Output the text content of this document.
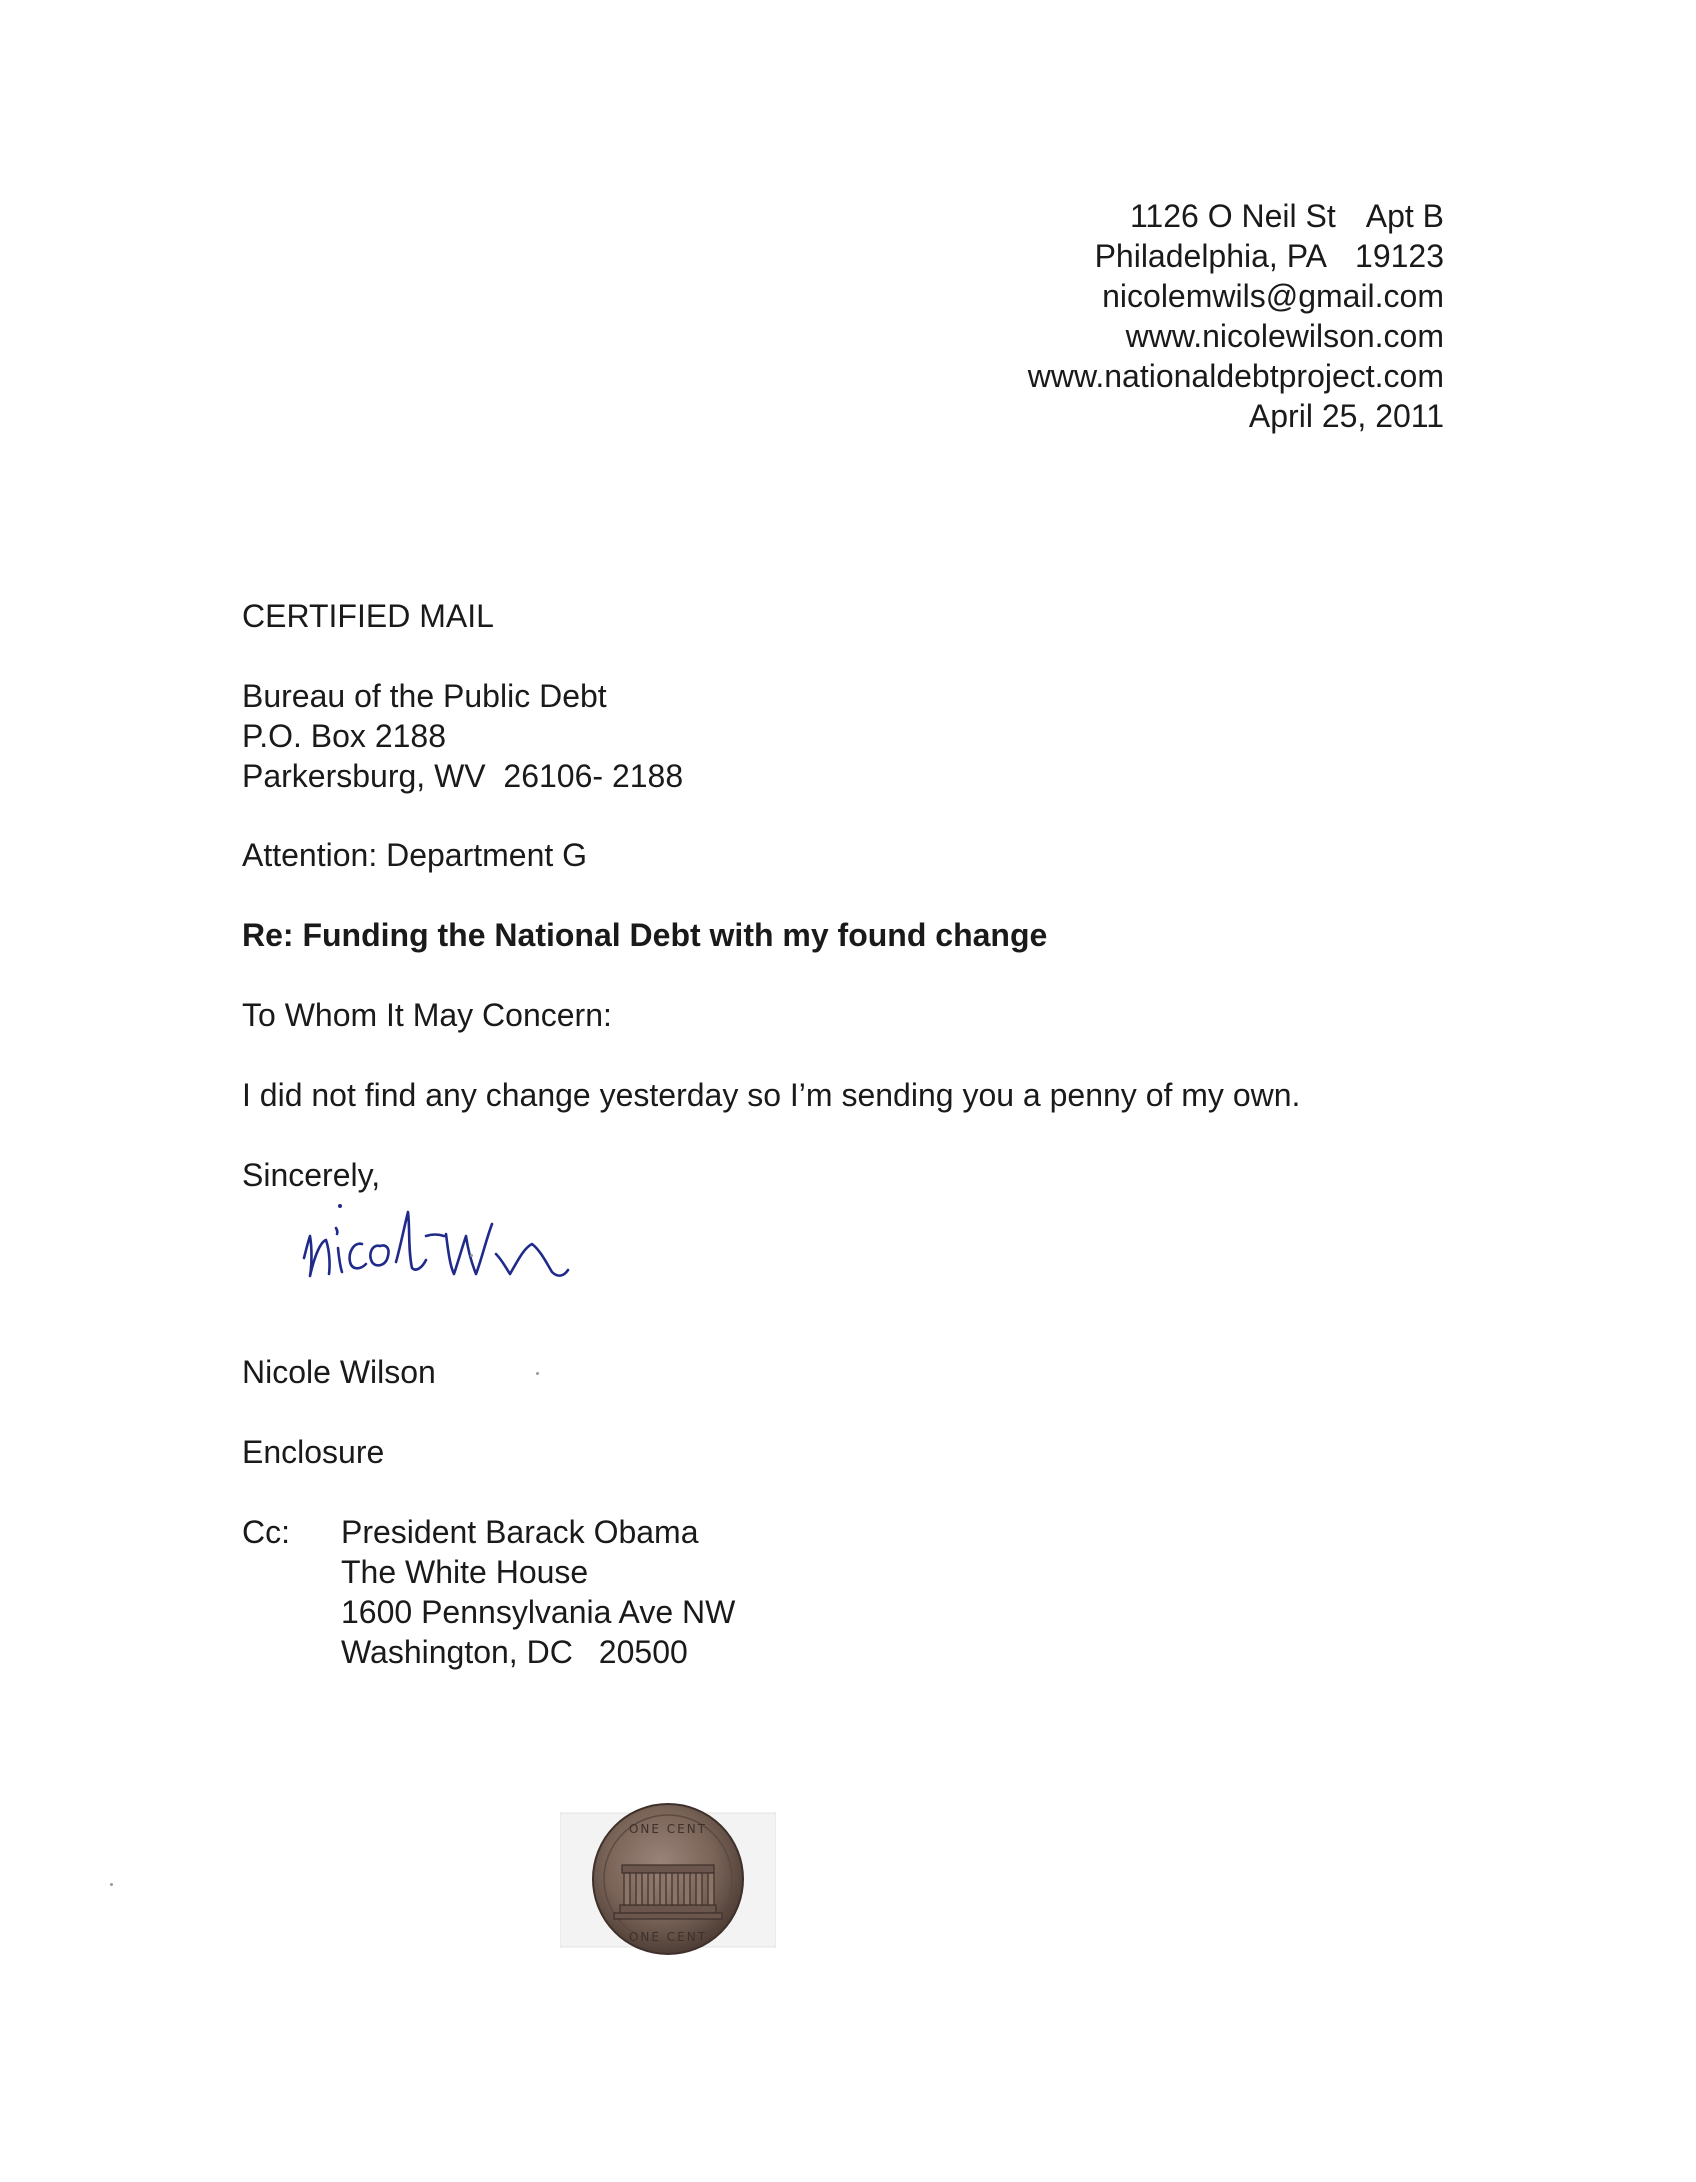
1126 O Neil St Apt B
Philadelphia, PA 19123
nicolemwils@gmail.com
www.nicolewilson.com
www.nationaldebtproject.com
April 25, 2011
CERTIFIED MAIL
Bureau of the Public Debt
P.O. Box 2188
Parkersburg, WV  26106- 2188
Attention: Department G
Re: Funding the National Debt with my found change
To Whom It May Concern:
I did not find any change yesterday so I’m sending you a penny of my own.
Sincerely,
Nicole Wilson
Enclosure
Cc: President Barack Obama
The White House
1600 Pennsylvania Ave NW
Washington, DC 20500
ONE CENT
ONE CENT
